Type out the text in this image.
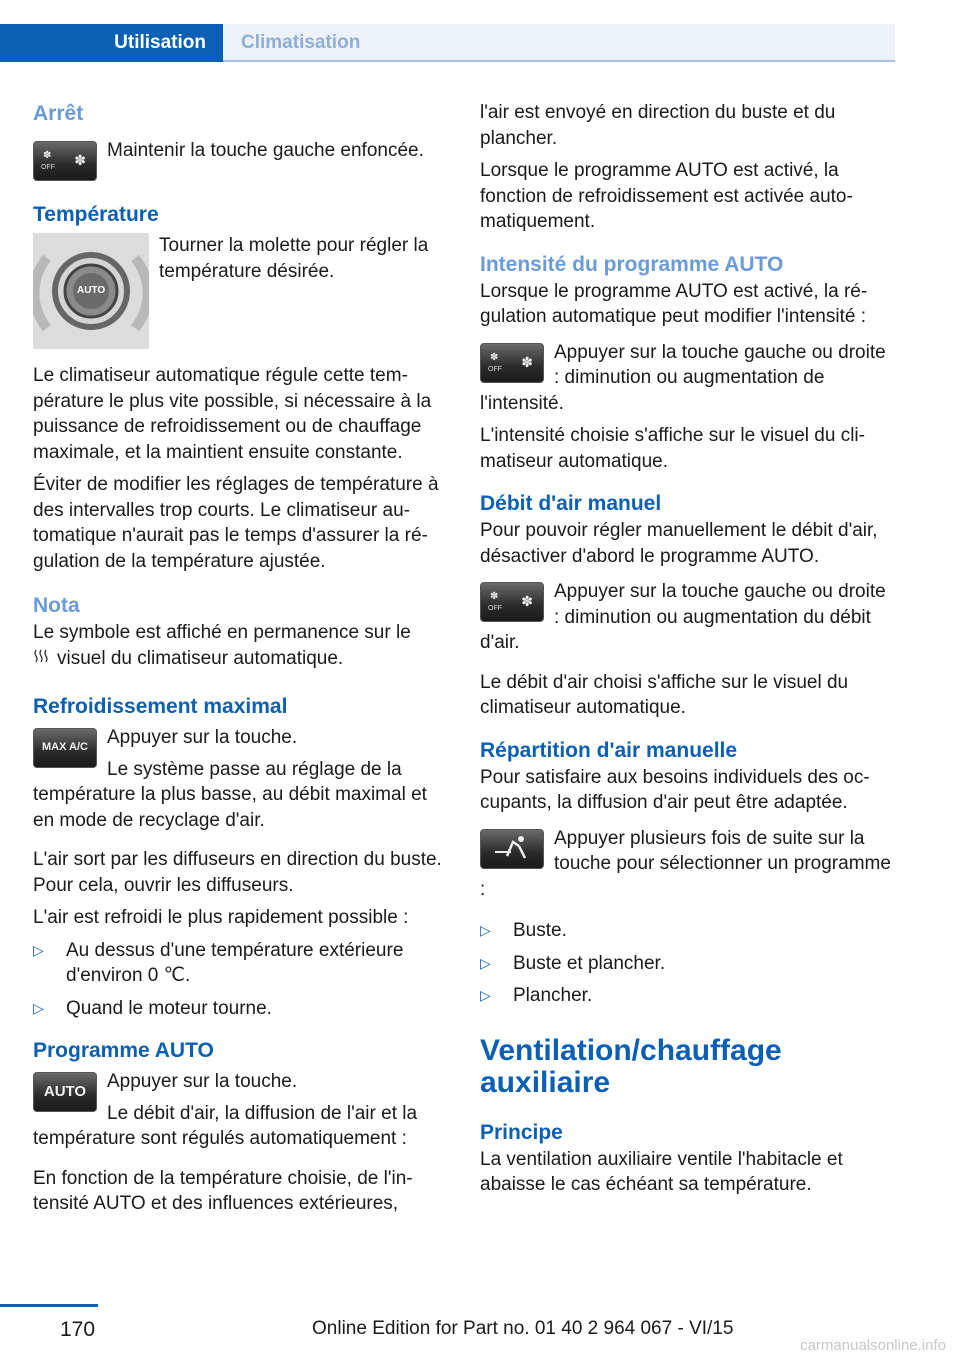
Utilisation	Climatisation
Arrêt
✽
OFF ✽	Maintenir la touche gauche enfoncée.

Température
AUTO

Tourner la molette pour régler la température désirée.

Le climatiseur automatique régule cette température le plus vite possible, si nécessaire à la puissance de refroidissement ou de chauffage maximale, et la maintient ensuite constante.

Éviter de modifier les réglages de température à des intervalles trop courts. Le climatiseur automatique n'aurait pas le temps d'assurer la régulation de la température ajustée.

Nota

Le symbole est affiché en permanence sur le

visuel du climatiseur automatique.

Refroidissement maximal
MAX A/C Appuyer sur la touche.

Le système passe au réglage de la température la plus basse, au débit maximal et en mode de recyclage d'air.

L'air sort par les diffuseurs en direction du buste. Pour cela, ouvrir les diffuseurs.

L'air est refroidi le plus rapidement possible :

▷ Au dessus d'une température extérieure d'environ 0 ℃.
▷ Quand le moteur tourne.
Programme AUTO
AUTO	Appuyer sur la touche.

Le débit d'air, la diffusion de l'air et la température sont régulés automatiquement :

En fonction de la température choisie, de l'intensité AUTO et des influences extérieures,

l'air est envoyé en direction du buste et du plancher.

Lorsque le programme AUTO est activé, la fonction de refroidissement est activée automatiquement.

Intensité du programme AUTO

Lorsque le programme AUTO est activé, la régulation automatique peut modifier l'intensité :

✽
OFF ✽	Appuyer sur la touche gauche ou droite : diminution ou augmentation de l'intensité.

L'intensité choisie s'affiche sur le visuel du climatiseur automatique.

Débit d'air manuel

Pour pouvoir régler manuellement le débit d'air, désactiver d'abord le programme AUTO.

✽
OFF ✽	Appuyer sur la touche gauche ou droite : diminution ou augmentation du débit d'air.

Le débit d'air choisi s'affiche sur le visuel du climatiseur automatique.

Répartition d'air manuelle

Pour satisfaire aux besoins individuels des occupants, la diffusion d'air peut être adaptée.

Appuyer plusieurs fois de suite sur la touche pour sélectionner un programme :

▷ Buste.
▷ Buste et plancher.
▷ Plancher.
Ventilation/chauffage auxiliaire
Principe

La ventilation auxiliaire ventile l'habitacle et abaisse le cas échéant sa température.

170	Online Edition for Part no. 01 40 2 964 067 - VI/15
carmanualsonline.info
